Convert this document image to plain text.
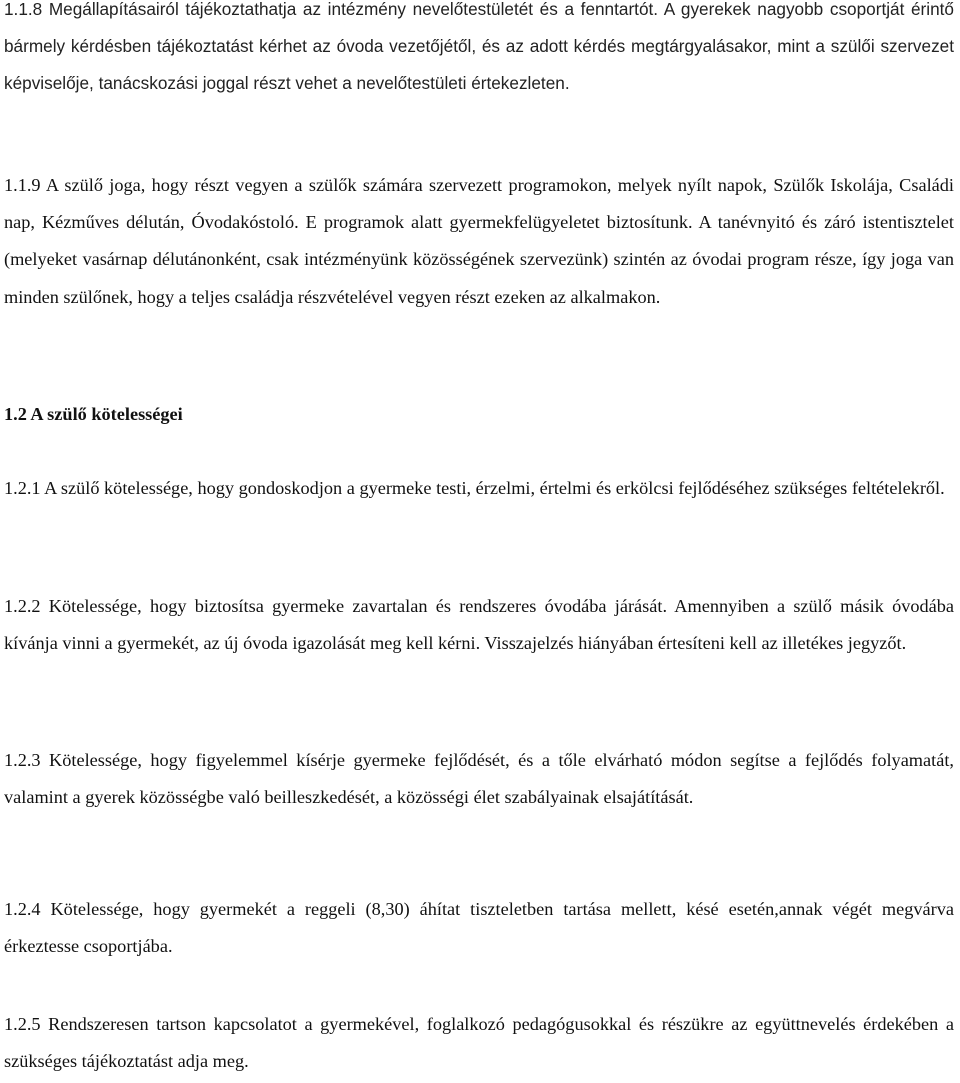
1.1.8 Megállapításairól tájékoztathatja az intézmény nevelőtestületét és a fenntartót. A gyerekek nagyobb csoportját érintő bármely kérdésben tájékoztatást kérhet az óvoda vezetőjétől, és az adott kérdés megtárgyalásakor, mint a szülői szervezet képviselője, tanácskozási joggal részt vehet a nevelőtestületi értekezleten.

1.1.9 A szülő joga, hogy részt vegyen a szülők számára szervezett programokon, melyek nyílt napok, Szülők Iskolája, Családi nap, Kézműves délután, Óvodakóstoló. E programok alatt gyermekfelügyeletet biztosítunk. A tanévnyitó és záró istentisztelet (melyeket vasárnap délutánonként, csak intézményünk közösségének szervezünk) szintén az óvodai program része, így joga van minden szülőnek, hogy a teljes családja részvételével vegyen részt ezeken az alkalmakon.

1.2 A szülő kötelességei

1.2.1 A szülő kötelessége, hogy gondoskodjon a gyermeke testi, érzelmi, értelmi és erkölcsi fejlődéséhez szükséges feltételekről.

1.2.2 Kötelessége, hogy biztosítsa gyermeke zavartalan és rendszeres óvodába járását. Amennyiben a szülő másik óvodába kívánja vinni a gyermekét, az új óvoda igazolását meg kell kérni. Visszajelzés hiányában értesíteni kell az illetékes jegyzőt.

1.2.3 Kötelessége, hogy figyelemmel kísérje gyermeke fejlődését, és a tőle elvárható módon segítse a fejlődés folyamatát, valamint a gyerek közösségbe való beilleszkedését, a közösségi élet szabályainak elsajátítását.

1.2.4 Kötelessége, hogy gyermekét a reggeli (8,30) áhítat tiszteletben tartása mellett, késé esetén,annak végét megvárva érkeztesse csoportjába.

1.2.5 Rendszeresen tartson kapcsolatot a gyermekével, foglalkozó pedagógusokkal és részükre az együttnevelés érdekében a szükséges tájékoztatást adja meg.
